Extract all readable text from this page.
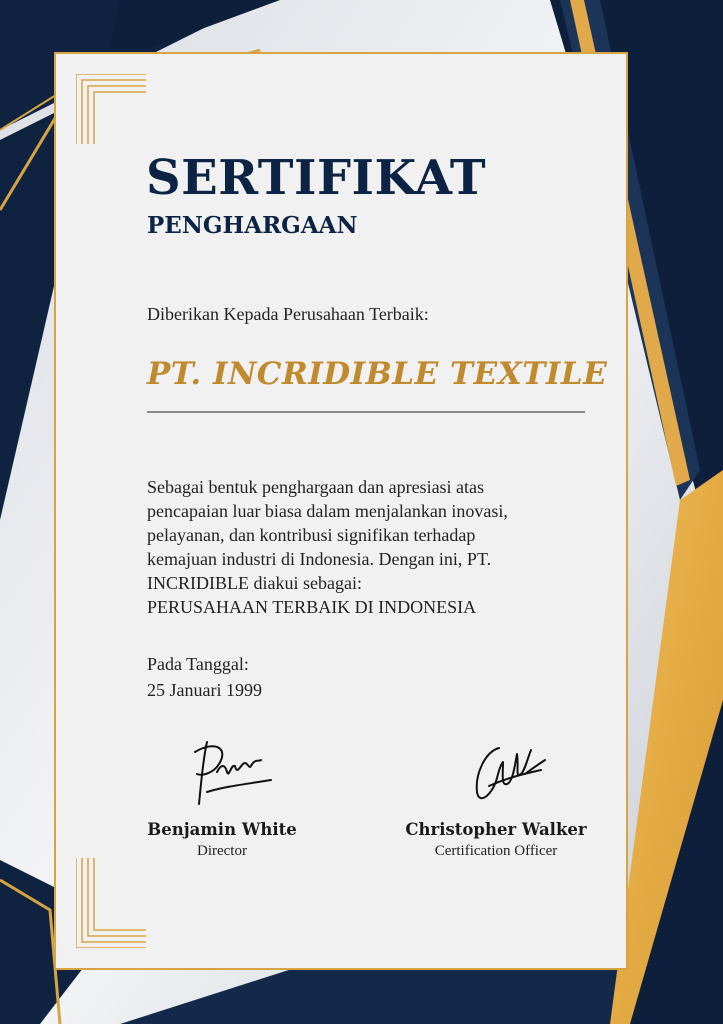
SERTIFIKAT
PENGHARGAAN

Diberikan Kepada Perusahaan Terbaik:

PT. INCRIDIBLE TEXTILE

Sebagai bentuk penghargaan dan apresiasi atas
pencapaian luar biasa dalam menjalankan inovasi,
pelayanan, dan kontribusi signifikan terhadap
kemajuan industri di Indonesia. Dengan ini, PT.
INCRIDIBLE diakui sebagai:
PERUSAHAAN TERBAIK DI INDONESIA
Pada Tanggal:
25 Januari 1999

Benjamin White

Director

Christopher Walker

Certification Officer
